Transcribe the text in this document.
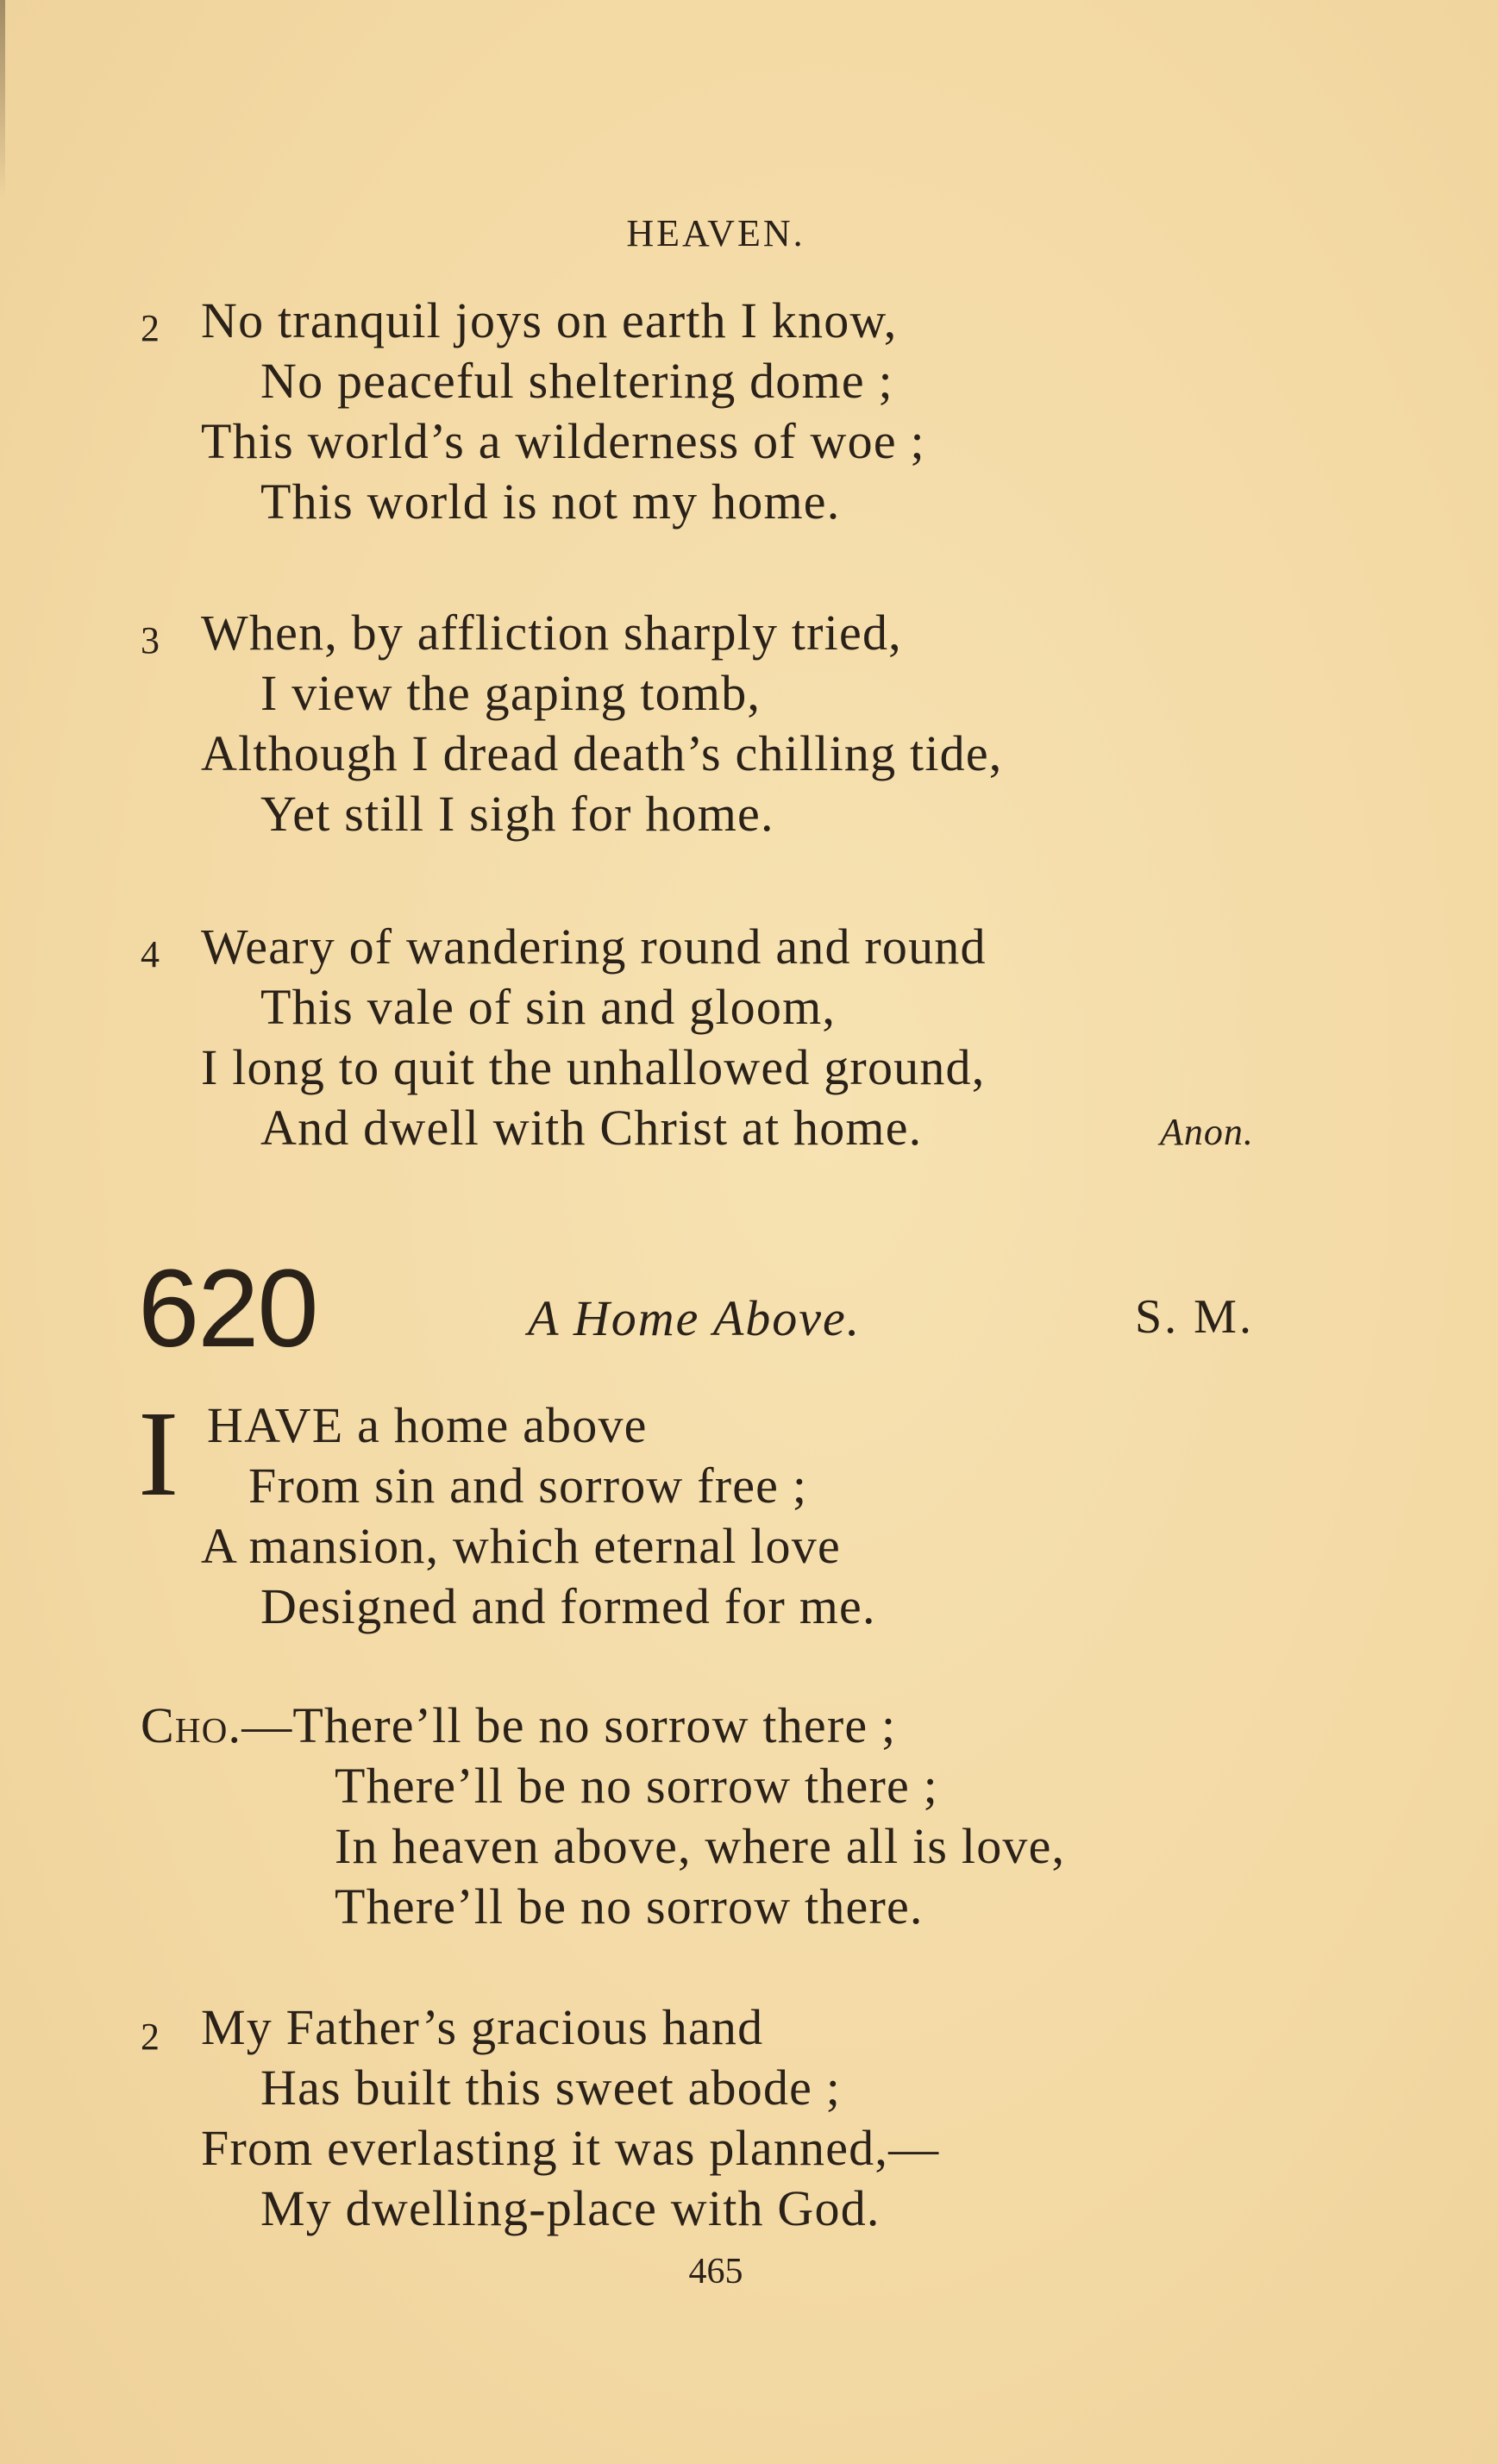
HEAVEN.
2 No tranquil joys on earth I know,
No peaceful sheltering dome ;
This world’s a wilderness of woe ;
This world is not my home.
3 When, by affliction sharply tried,
I view the gaping tomb,
Although I dread death’s chilling tide,
Yet still I sigh for home.
4 Weary of wandering round and round
This vale of sin and gloom,
I long to quit the unhallowed ground,
And dwell with Christ at home.	Anon.
620	A Home Above.	S. M.
I HAVE a home above
From sin and sorrow free ;
A mansion, which eternal love
Designed and formed for me.
Cho.—There’ll be no sorrow there ;
There’ll be no sorrow there ;
In heaven above, where all is love,
There’ll be no sorrow there.
2 My Father’s gracious hand
Has built this sweet abode ;
From everlasting it was planned,—
My dwelling-place with God.
465
